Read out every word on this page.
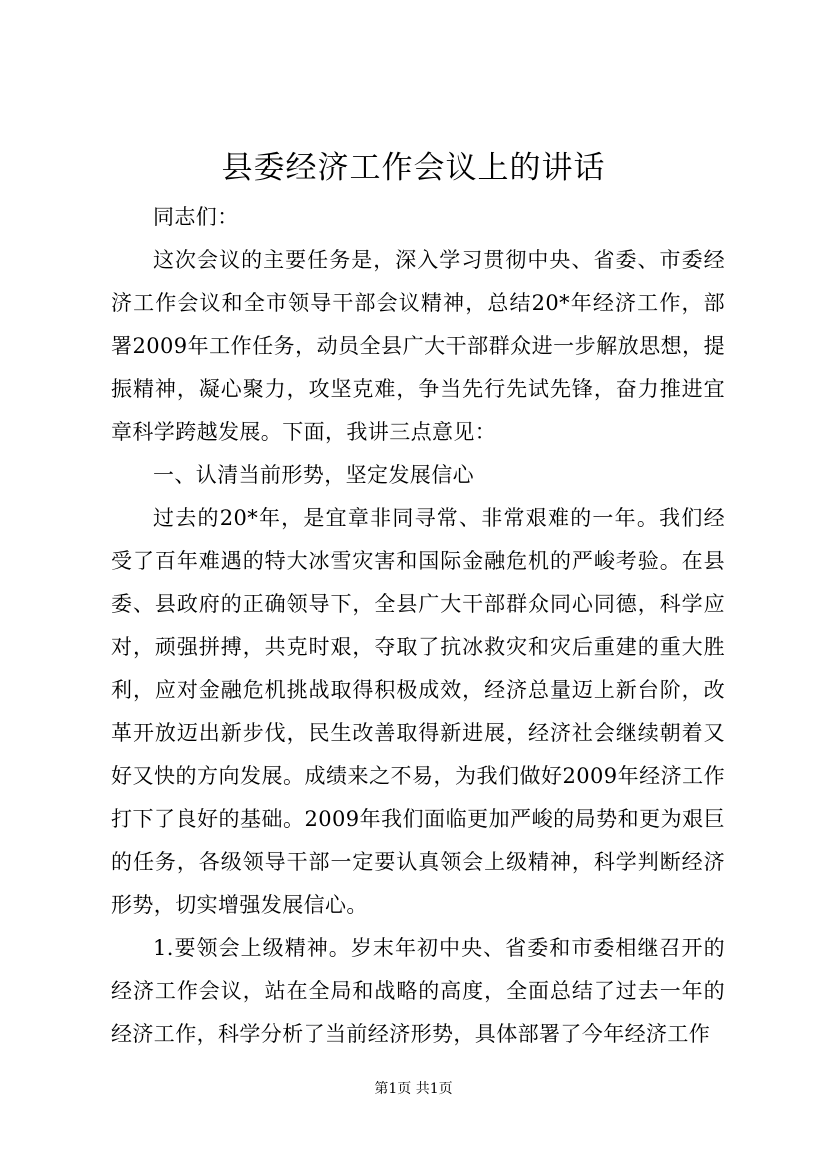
县委经济工作会议上的讲话

同志们：

这次会议的主要任务是，深入学习贯彻中央、省委、市委经济工作会议和全市领导干部会议精神，总结20*年经济工作，部署2009年工作任务，动员全县广大干部群众进一步解放思想，提振精神，凝心聚力，攻坚克难，争当先行先试先锋，奋力推进宜章科学跨越发展。下面，我讲三点意见：

一、认清当前形势，坚定发展信心

过去的20*年，是宜章非同寻常、非常艰难的一年。我们经受了百年难遇的特大冰雪灾害和国际金融危机的严峻考验。在县委、县政府的正确领导下，全县广大干部群众同心同德，科学应对，顽强拼搏，共克时艰，夺取了抗冰救灾和灾后重建的重大胜利，应对金融危机挑战取得积极成效，经济总量迈上新台阶，改革开放迈出新步伐，民生改善取得新进展，经济社会继续朝着又好又快的方向发展。成绩来之不易，为我们做好2009年经济工作打下了良好的基础。2009年我们面临更加严峻的局势和更为艰巨的任务，各级领导干部一定要认真领会上级精神，科学判断经济形势，切实增强发展信心。

1.要领会上级精神。岁末年初中央、省委和市委相继召开的经济工作会议，站在全局和战略的高度，全面总结了过去一年的经济工作，科学分析了当前经济形势，具体部署了今年经济工作

第1页 共1页
